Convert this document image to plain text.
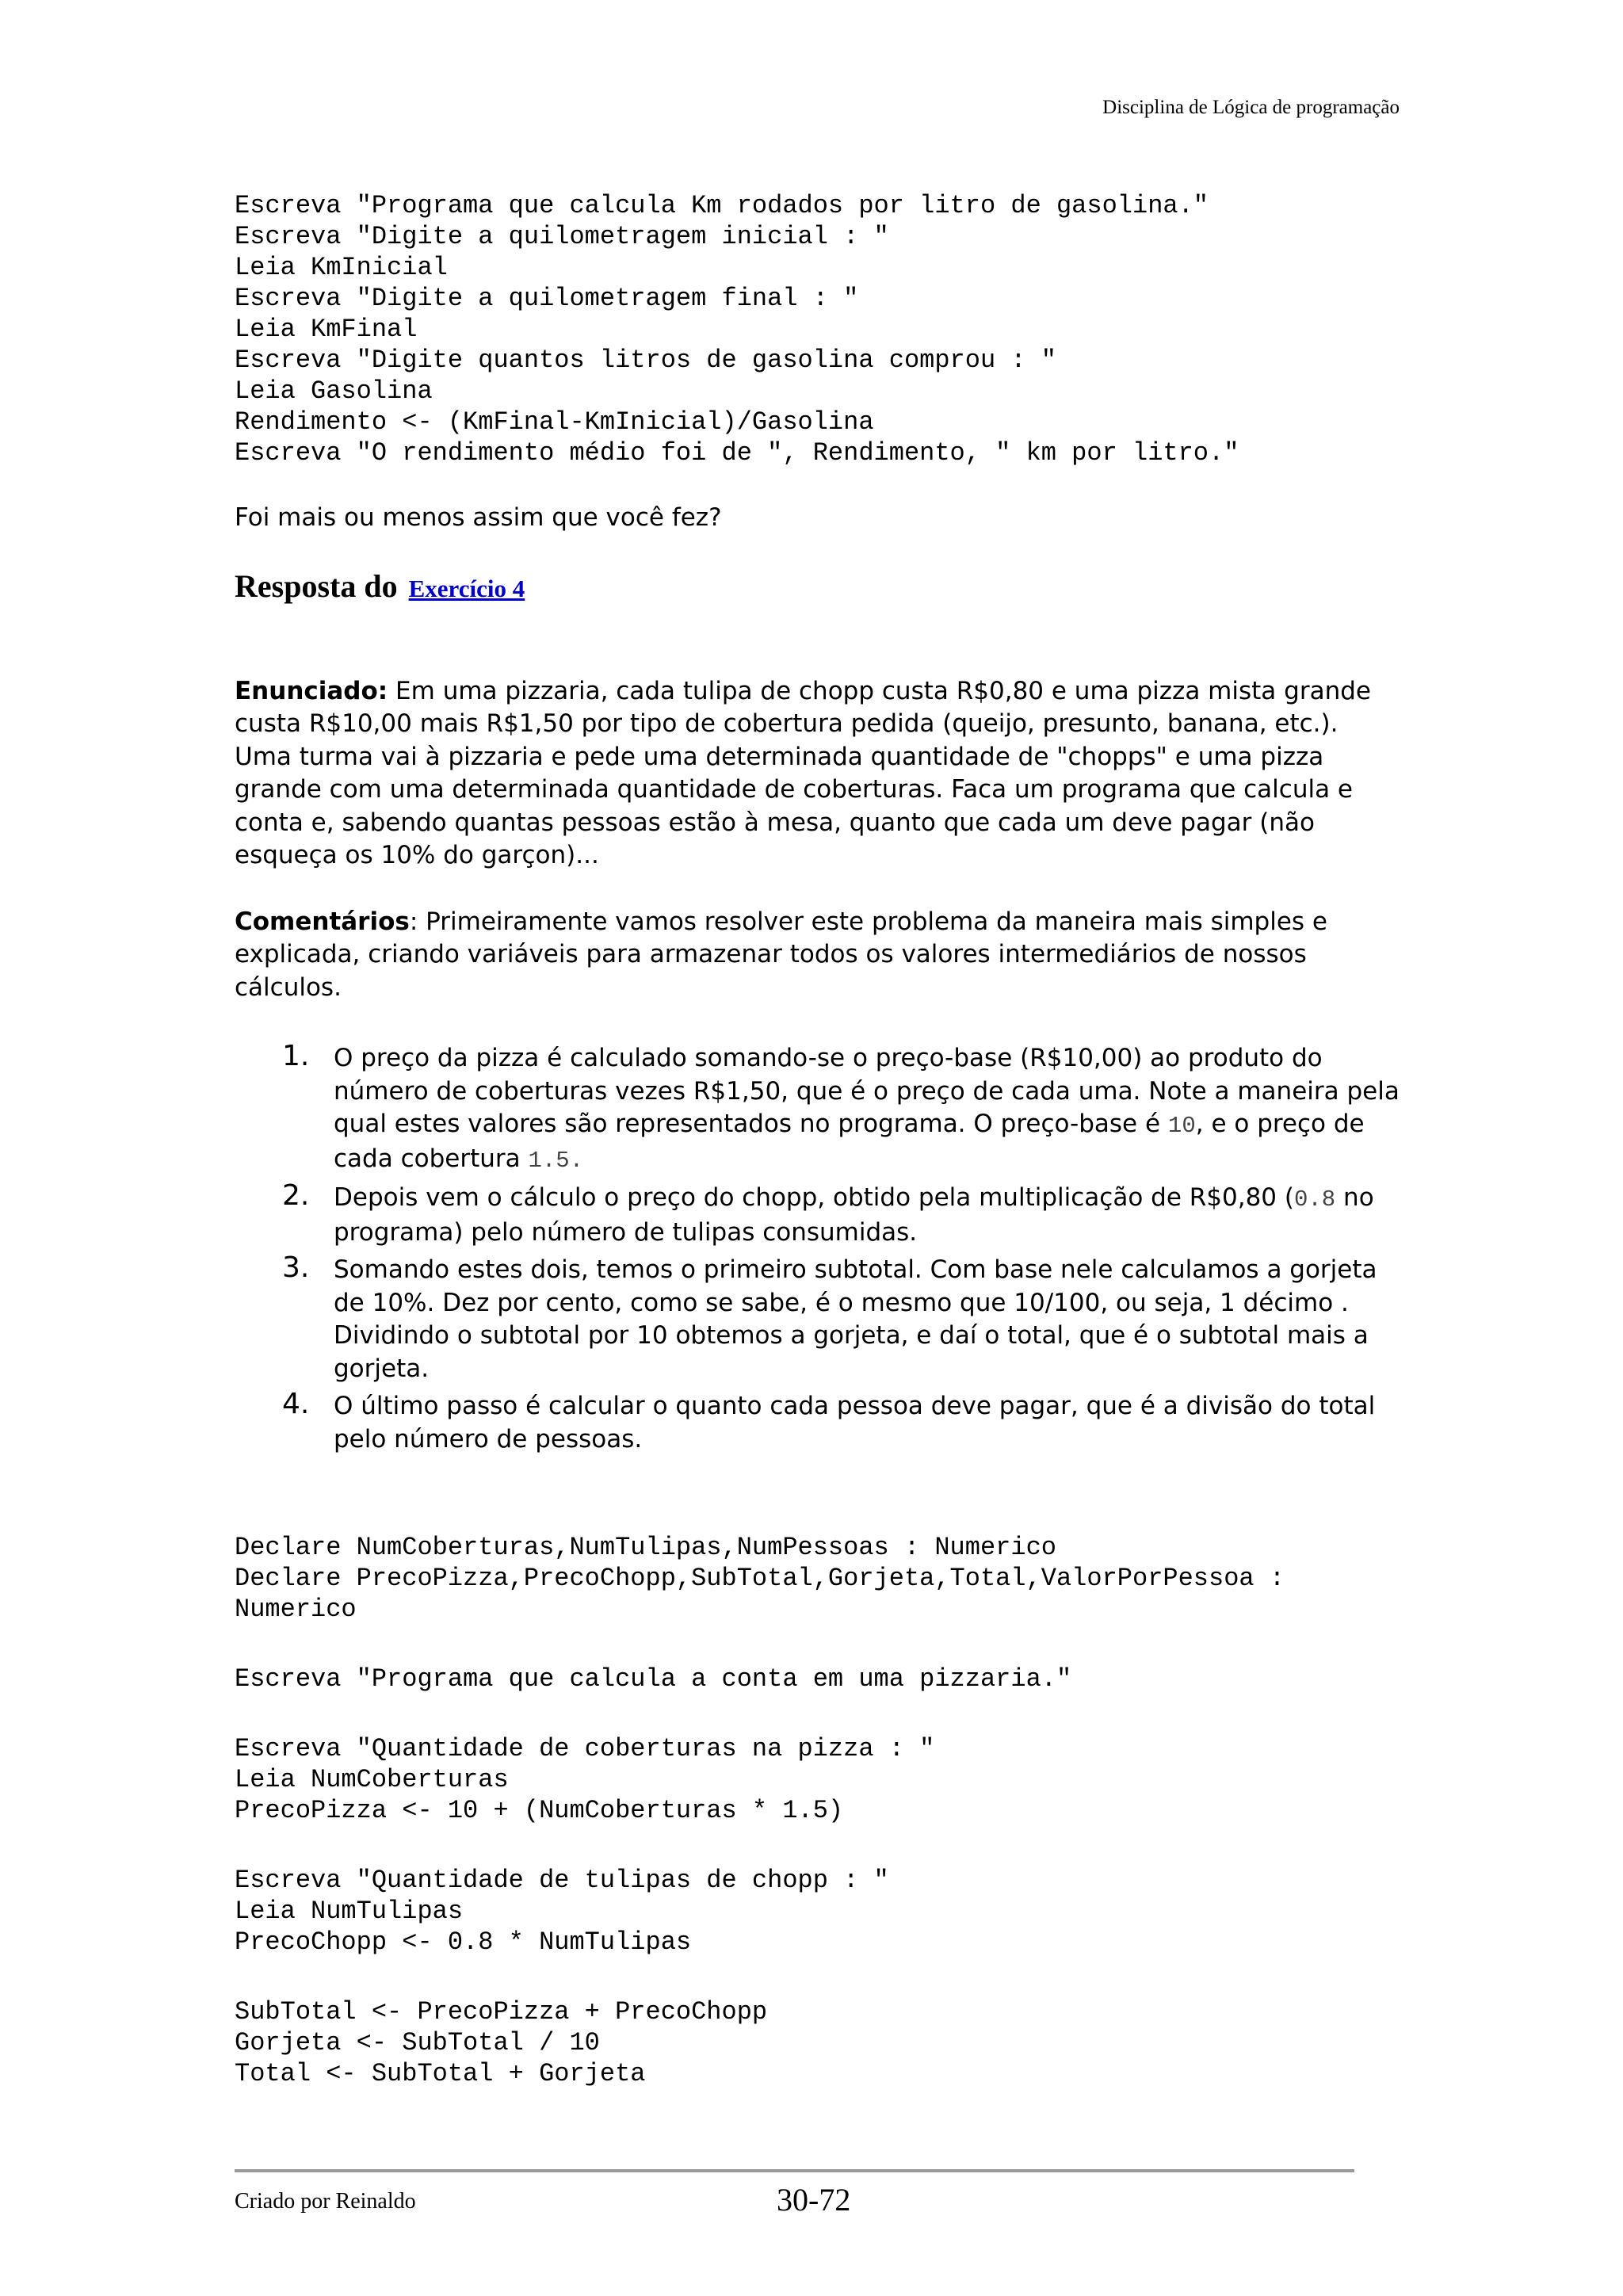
Disciplina de Lógica de programação
Escreva "Programa que calcula Km rodados por litro de gasolina."
Escreva "Digite a quilometragem inicial : "
Leia KmInicial
Escreva "Digite a quilometragem final : "
Leia KmFinal
Escreva "Digite quantos litros de gasolina comprou : "
Leia Gasolina
Rendimento <- (KmFinal-KmInicial)/Gasolina
Escreva "O rendimento médio foi de ", Rendimento, " km por litro."

Foi mais ou menos assim que você fez?

Resposta do Exercício 4

Enunciado: Em uma pizzaria, cada tulipa de chopp custa R$0,80 e uma pizza mista grande custa R$10,00 mais R$1,50 por tipo de cobertura pedida (queijo, presunto, banana, etc.). Uma turma vai à pizzaria e pede uma determinada quantidade de "chopps" e uma pizza grande com uma determinada quantidade de coberturas. Faca um programa que calcula e conta e, sabendo quantas pessoas estão à mesa, quanto que cada um deve pagar (não esqueça os 10% do garçon)...

Comentários: Primeiramente vamos resolver este problema da maneira mais simples e explicada, criando variáveis para armazenar todos os valores intermediários de nossos cálculos.

1. O preço da pizza é calculado somando-se o preço-base (R$10,00) ao produto do número de coberturas vezes R$1,50, que é o preço de cada uma. Note a maneira pela qual estes valores são representados no programa. O preço-base é 10, e o preço de cada cobertura 1.5.
2. Depois vem o cálculo o preço do chopp, obtido pela multiplicação de R$0,80 (0.8 no programa) pelo número de tulipas consumidas.
3. Somando estes dois, temos o primeiro subtotal. Com base nele calculamos a gorjeta de 10%. Dez por cento, como se sabe, é o mesmo que 10/100, ou seja, 1 décimo . Dividindo o subtotal por 10 obtemos a gorjeta, e daí o total, que é o subtotal mais a gorjeta.
4. O último passo é calcular o quanto cada pessoa deve pagar, que é a divisão do total pelo número de pessoas.
Declare NumCoberturas,NumTulipas,NumPessoas : Numerico
Declare PrecoPizza,PrecoChopp,SubTotal,Gorjeta,Total,ValorPorPessoa :
Numerico
Escreva "Programa que calcula a conta em uma pizzaria."
Escreva "Quantidade de coberturas na pizza : "
Leia NumCoberturas
PrecoPizza <- 10 + (NumCoberturas * 1.5)
Escreva "Quantidade de tulipas de chopp : "
Leia NumTulipas
PrecoChopp <- 0.8 * NumTulipas
SubTotal <- PrecoPizza + PrecoChopp
Gorjeta <- SubTotal / 10
Total <- SubTotal + Gorjeta
Criado por Reinaldo	30-72
